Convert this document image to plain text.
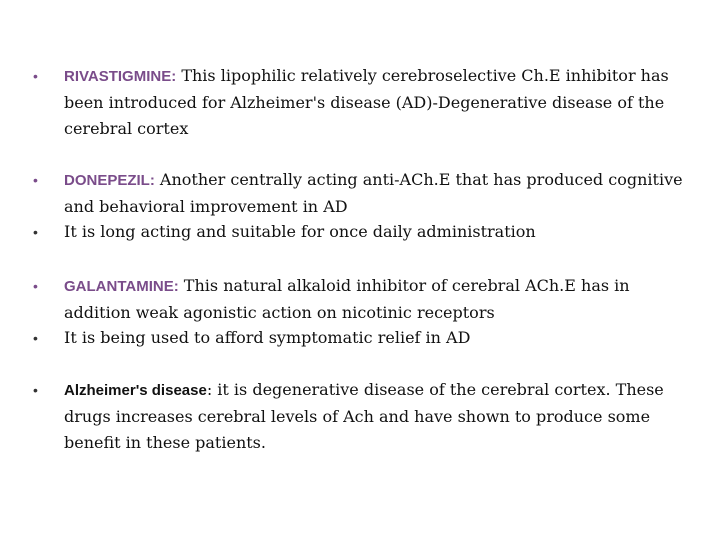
•	RIVASTIGMINE: This lipophilic relatively cerebroselective Ch.E inhibitor has been introduced for Alzheimer's disease (AD)-Degenerative disease of the cerebral cortex
•	DONEPEZIL: Another centrally acting anti-ACh.E that has produced cognitive and behavioral improvement in AD
•	It is long acting and suitable for once daily administration
•	GALANTAMINE: This natural alkaloid inhibitor of cerebral ACh.E has in addition weak agonistic action on nicotinic receptors
•	It is being used to afford symptomatic relief in AD
•	Alzheimer's disease: it is degenerative disease of the cerebral cortex. These drugs increases cerebral levels of Ach and have shown to produce some benefit in these patients.
